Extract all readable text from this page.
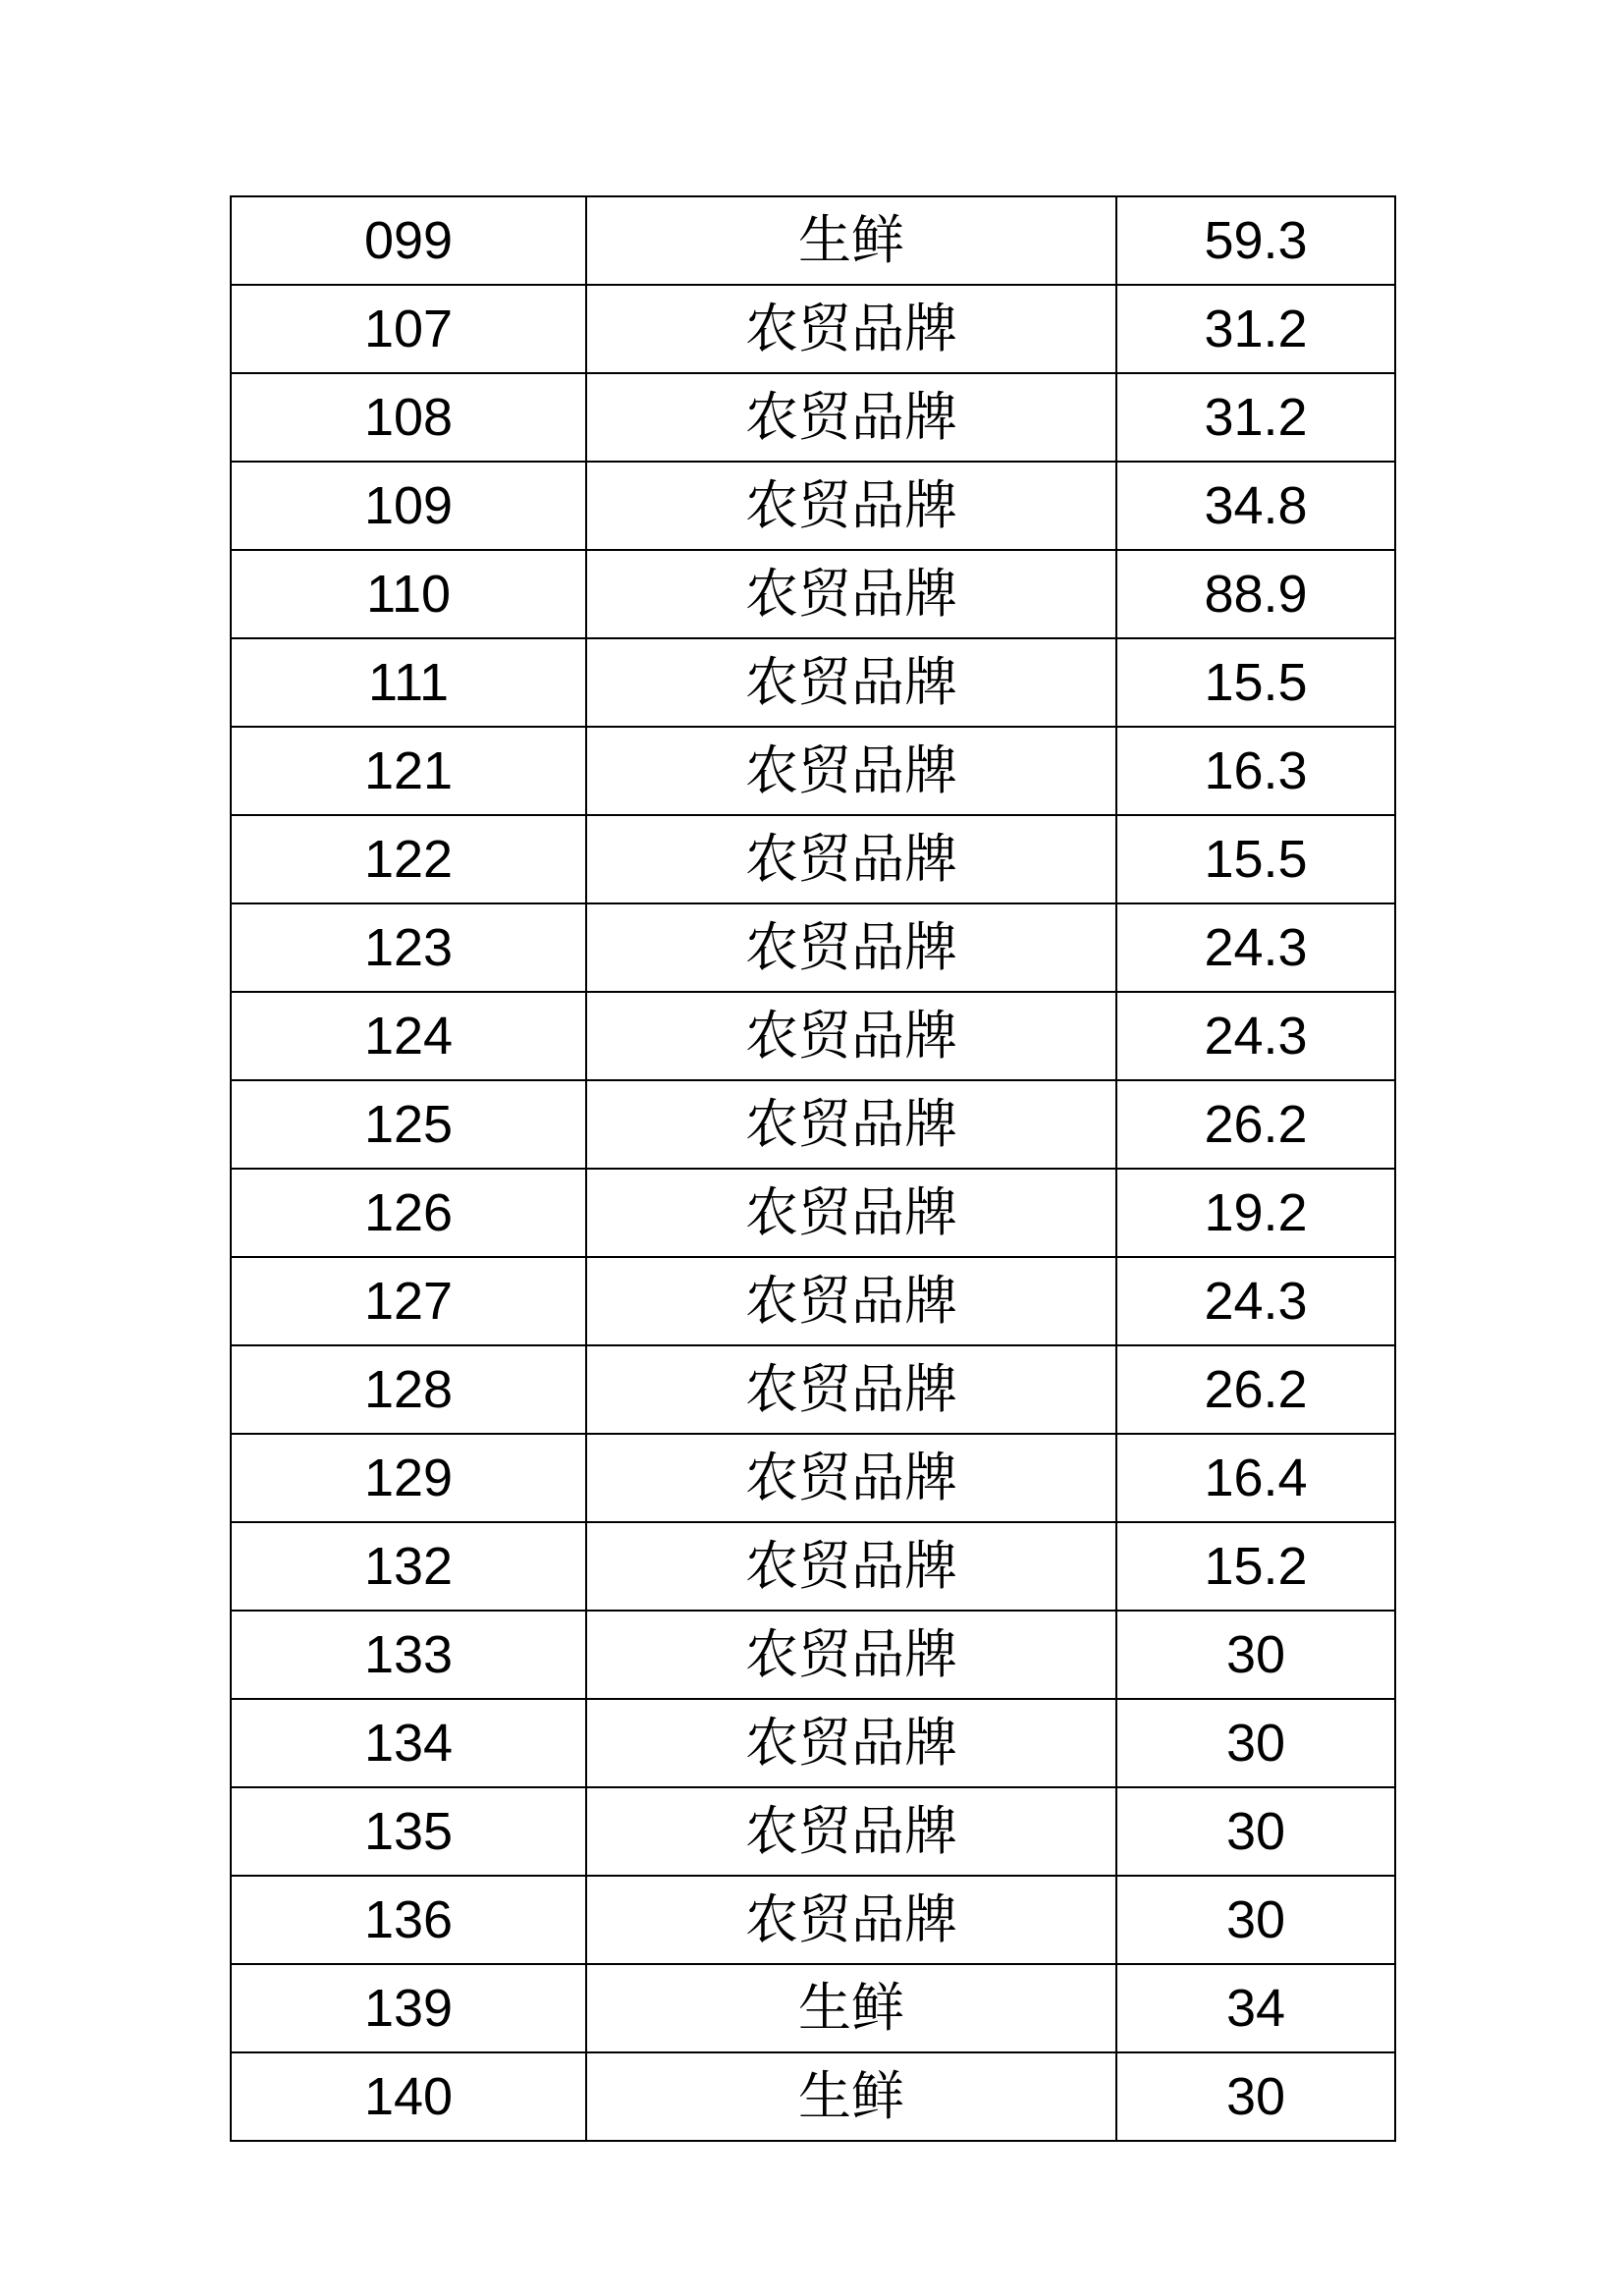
099	生鲜	59.3
107	农贸品牌	31.2
108	农贸品牌	31.2
109	农贸品牌	34.8
110	农贸品牌	88.9
111	农贸品牌	15.5
121	农贸品牌	16.3
122	农贸品牌	15.5
123	农贸品牌	24.3
124	农贸品牌	24.3
125	农贸品牌	26.2
126	农贸品牌	19.2
127	农贸品牌	24.3
128	农贸品牌	26.2
129	农贸品牌	16.4
132	农贸品牌	15.2
133	农贸品牌	30
134	农贸品牌	30
135	农贸品牌	30
136	农贸品牌	30
139	生鲜	34
140	生鲜	30
